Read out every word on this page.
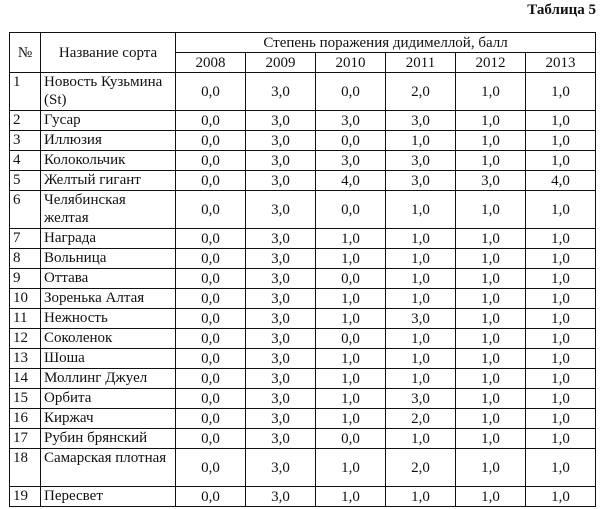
Таблица 5

№	Название сорта	Степень поражения дидимеллой, балл					
		2008	2009	2010	2011	2012	2013
1	Новость Кузьмина (St)	0,0	3,0	0,0	2,0	1,0	1,0
2	Гусар	0,0	3,0	3,0	3,0	1,0	1,0
3	Иллюзия	0,0	3,0	0,0	1,0	1,0	1,0
4	Колокольчик	0,0	3,0	3,0	3,0	1,0	1,0
5	Желтый гигант	0,0	3,0	4,0	3,0	3,0	4,0
6	Челябинская желтая	0,0	3,0	0,0	1,0	1,0	1,0
7	Награда	0,0	3,0	1,0	1,0	1,0	1,0
8	Вольница	0,0	3,0	1,0	1,0	1,0	1,0
9	Оттава	0,0	3,0	0,0	1,0	1,0	1,0
10	Зоренька Алтая	0,0	3,0	1,0	1,0	1,0	1,0
11	Нежность	0,0	3,0	1,0	3,0	1,0	1,0
12	Соколенок	0,0	3,0	0,0	1,0	1,0	1,0
13	Шоша	0,0	3,0	1,0	1,0	1,0	1,0
14	Моллинг Джуел	0,0	3,0	1,0	1,0	1,0	1,0
15	Орбита	0,0	3,0	1,0	3,0	1,0	1,0
16	Киржач	0,0	3,0	1,0	2,0	1,0	1,0
17	Рубин брянский	0,0	3,0	0,0	1,0	1,0	1,0
18	Самарская плотная	0,0	3,0	1,0	2,0	1,0	1,0
19	Пересвет	0,0	3,0	1,0	1,0	1,0	1,0
